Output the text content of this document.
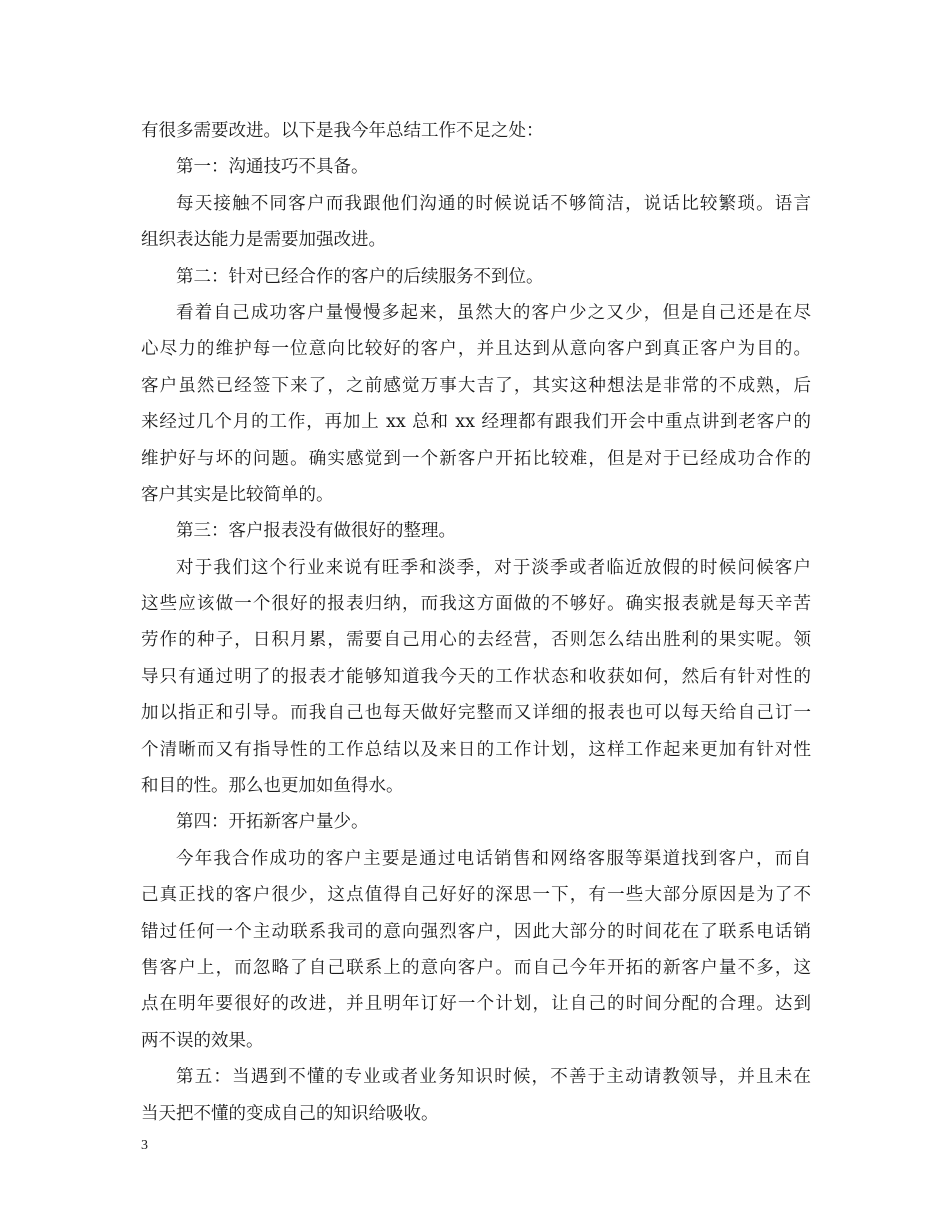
有很多需要改进。以下是我今年总结工作不足之处：
第一：沟通技巧不具备。
每天接触不同客户而我跟他们沟通的时候说话不够简洁，说话比较繁琐。语言
组织表达能力是需要加强改进。
第二：针对已经合作的客户的后续服务不到位。
看着自己成功客户量慢慢多起来，虽然大的客户少之又少，但是自己还是在尽
心尽力的维护每一位意向比较好的客户，并且达到从意向客户到真正客户为目的。
客户虽然已经签下来了，之前感觉万事大吉了，其实这种想法是非常的不成熟，后
来经过几个月的工作，再加上 xx 总和 xx 经理都有跟我们开会中重点讲到老客户的
维护好与坏的问题。确实感觉到一个新客户开拓比较难，但是对于已经成功合作的
客户其实是比较简单的。
第三：客户报表没有做很好的整理。
对于我们这个行业来说有旺季和淡季，对于淡季或者临近放假的时候问候客户
这些应该做一个很好的报表归纳，而我这方面做的不够好。确实报表就是每天辛苦
劳作的种子，日积月累，需要自己用心的去经营，否则怎么结出胜利的果实呢。领
导只有通过明了的报表才能够知道我今天的工作状态和收获如何，然后有针对性的
加以指正和引导。而我自己也每天做好完整而又详细的报表也可以每天给自己订一
个清晰而又有指导性的工作总结以及来日的工作计划，这样工作起来更加有针对性
和目的性。那么也更加如鱼得水。
第四：开拓新客户量少。
今年我合作成功的客户主要是通过电话销售和网络客服等渠道找到客户，而自
己真正找的客户很少，这点值得自己好好的深思一下，有一些大部分原因是为了不
错过任何一个主动联系我司的意向强烈客户，因此大部分的时间花在了联系电话销
售客户上，而忽略了自己联系上的意向客户。而自己今年开拓的新客户量不多，这
点在明年要很好的改进，并且明年订好一个计划，让自己的时间分配的合理。达到
两不误的效果。
第五：当遇到不懂的专业或者业务知识时候，不善于主动请教领导，并且未在
当天把不懂的变成自己的知识给吸收。
3
